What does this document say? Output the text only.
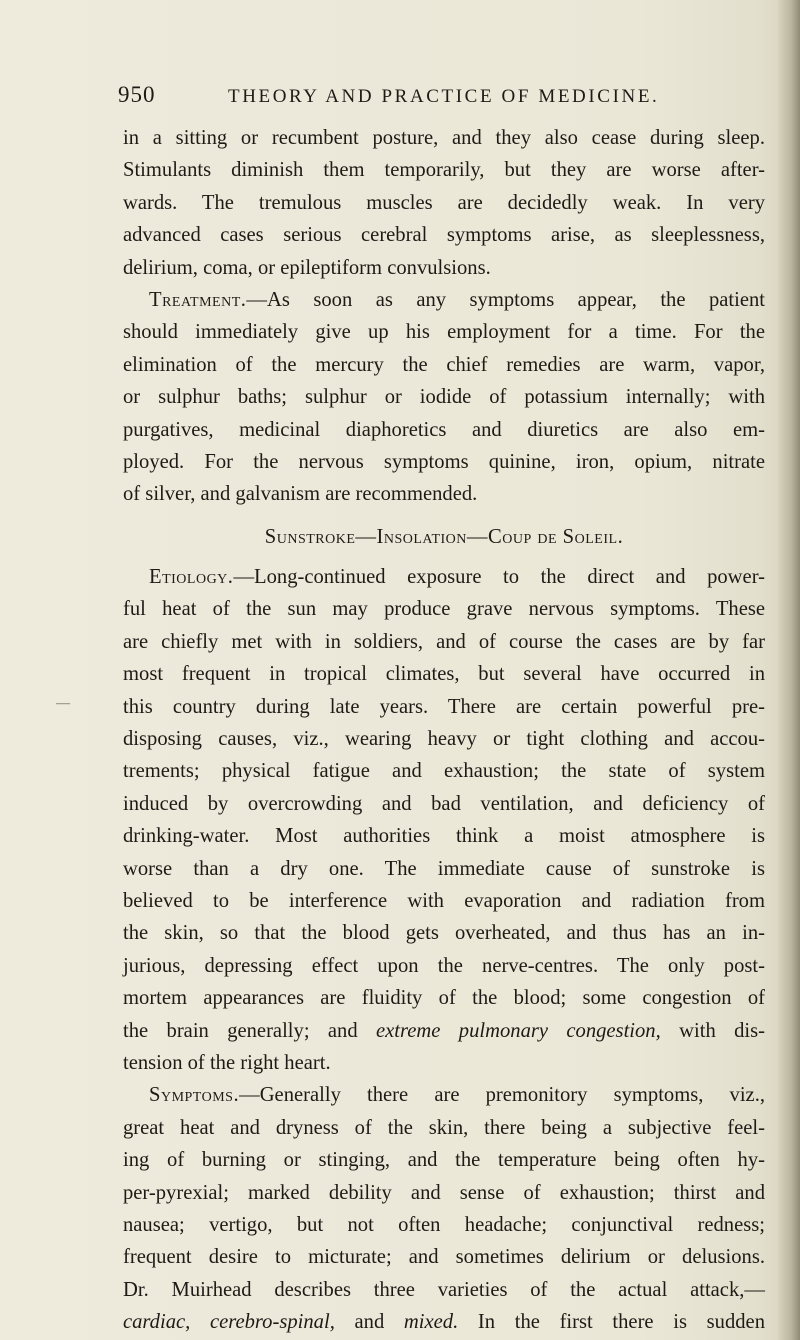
950	THEORY AND PRACTICE OF MEDICINE.
—
in a sitting or recumbent posture, and they also cease during sleep.
Stimulants diminish them temporarily, but they are worse after-
wards. The tremulous muscles are decidedly weak. In very
advanced cases serious cerebral symptoms arise, as sleeplessness,
delirium, coma, or epileptiform convulsions.
Treatment.—As soon as any symptoms appear, the patient
should immediately give up his employment for a time. For the
elimination of the mercury the chief remedies are warm, vapor,
or sulphur baths; sulphur or iodide of potassium internally; with
purgatives, medicinal diaphoretics and diuretics are also em-
ployed. For the nervous symptoms quinine, iron, opium, nitrate
of silver, and galvanism are recommended.
Sunstroke—Insolation—Coup de Soleil.
Etiology.—Long-continued exposure to the direct and power-
ful heat of the sun may produce grave nervous symptoms. These
are chiefly met with in soldiers, and of course the cases are by far
most frequent in tropical climates, but several have occurred in
this country during late years. There are certain powerful pre-
disposing causes, viz., wearing heavy or tight clothing and accou-
trements; physical fatigue and exhaustion; the state of system
induced by overcrowding and bad ventilation, and deficiency of
drinking-water. Most authorities think a moist atmosphere is
worse than a dry one. The immediate cause of sunstroke is
believed to be interference with evaporation and radiation from
the skin, so that the blood gets overheated, and thus has an in-
jurious, depressing effect upon the nerve-centres. The only post-
mortem appearances are fluidity of the blood; some congestion of
the brain generally; and extreme pulmonary congestion, with dis-
tension of the right heart.
Symptoms.—Generally there are premonitory symptoms, viz.,
great heat and dryness of the skin, there being a subjective feel-
ing of burning or stinging, and the temperature being often hy-
per-pyrexial; marked debility and sense of exhaustion; thirst and
nausea; vertigo, but not often headache; conjunctival redness;
frequent desire to micturate; and sometimes delirium or delusions.
Dr. Muirhead describes three varieties of the actual attack,—
cardiac, cerebro-spinal, and mixed. In the first there is sudden
